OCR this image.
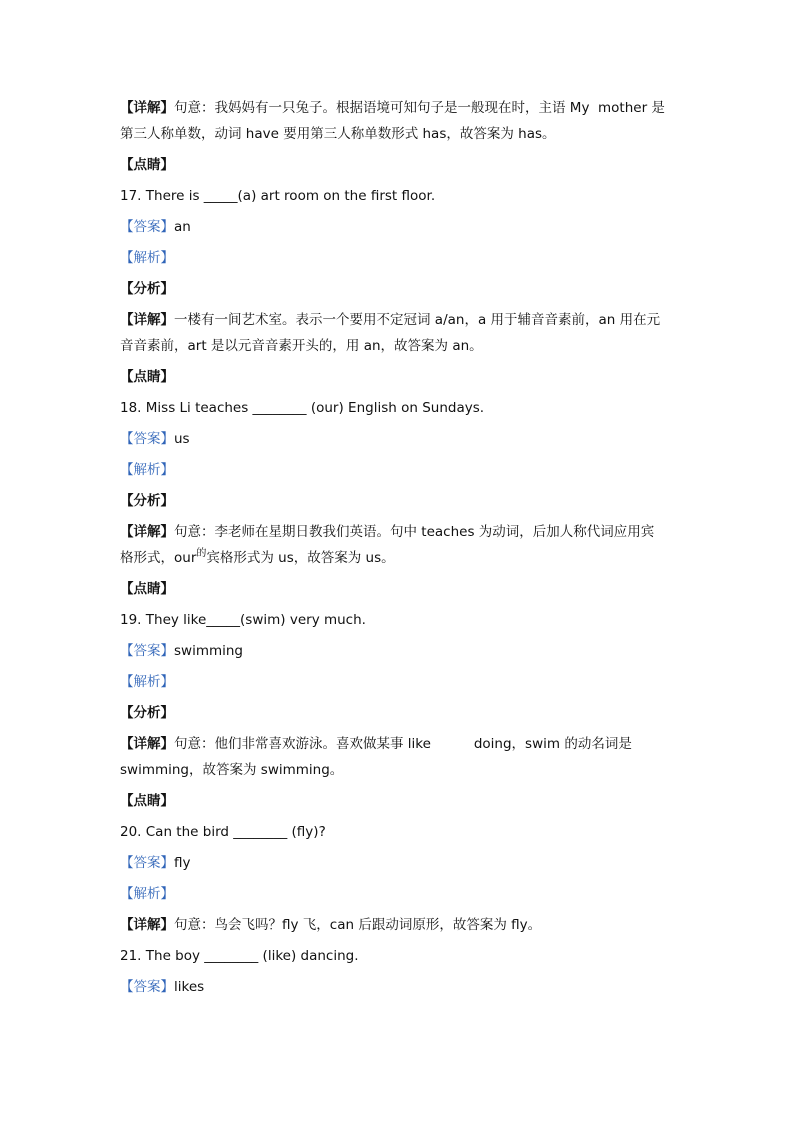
【详解】句意：我妈妈有一只兔子。根据语境可知句子是一般现在时，主语 My  mother 是
第三人称单数，动词 have 要用第三人称单数形式 has，故答案为 has。
【点睛】
17. There is _____(a) art room on the first floor.
【答案】an
【解析】
【分析】
【详解】一楼有一间艺术室。表示一个要用不定冠词 a/an，a 用于辅音音素前，an 用在元
音音素前，art 是以元音音素开头的，用 an，故答案为 an。
【点睛】
18. Miss Li teaches ________ (our) English on Sundays.
【答案】us
【解析】
【分析】
【详解】句意：李老师在星期日教我们英语。句中 teaches 为动词，后加人称代词应用宾
格形式，our$^的$宾格形式为 us，故答案为 us。
【点睛】
19. They like_____(swim) very much.
【答案】swimming
【解析】
【分析】
【详解】句意：他们非常喜欢游泳。喜欢做某事 like          doing，swim 的动名词是
swimming，故答案为 swimming。
【点睛】
20. Can the bird ________ (fly)?
【答案】fly
【解析】
【详解】句意：鸟会飞吗？fly 飞，can 后跟动词原形，故答案为 fly。
21. The boy ________ (like) dancing.
【答案】likes
